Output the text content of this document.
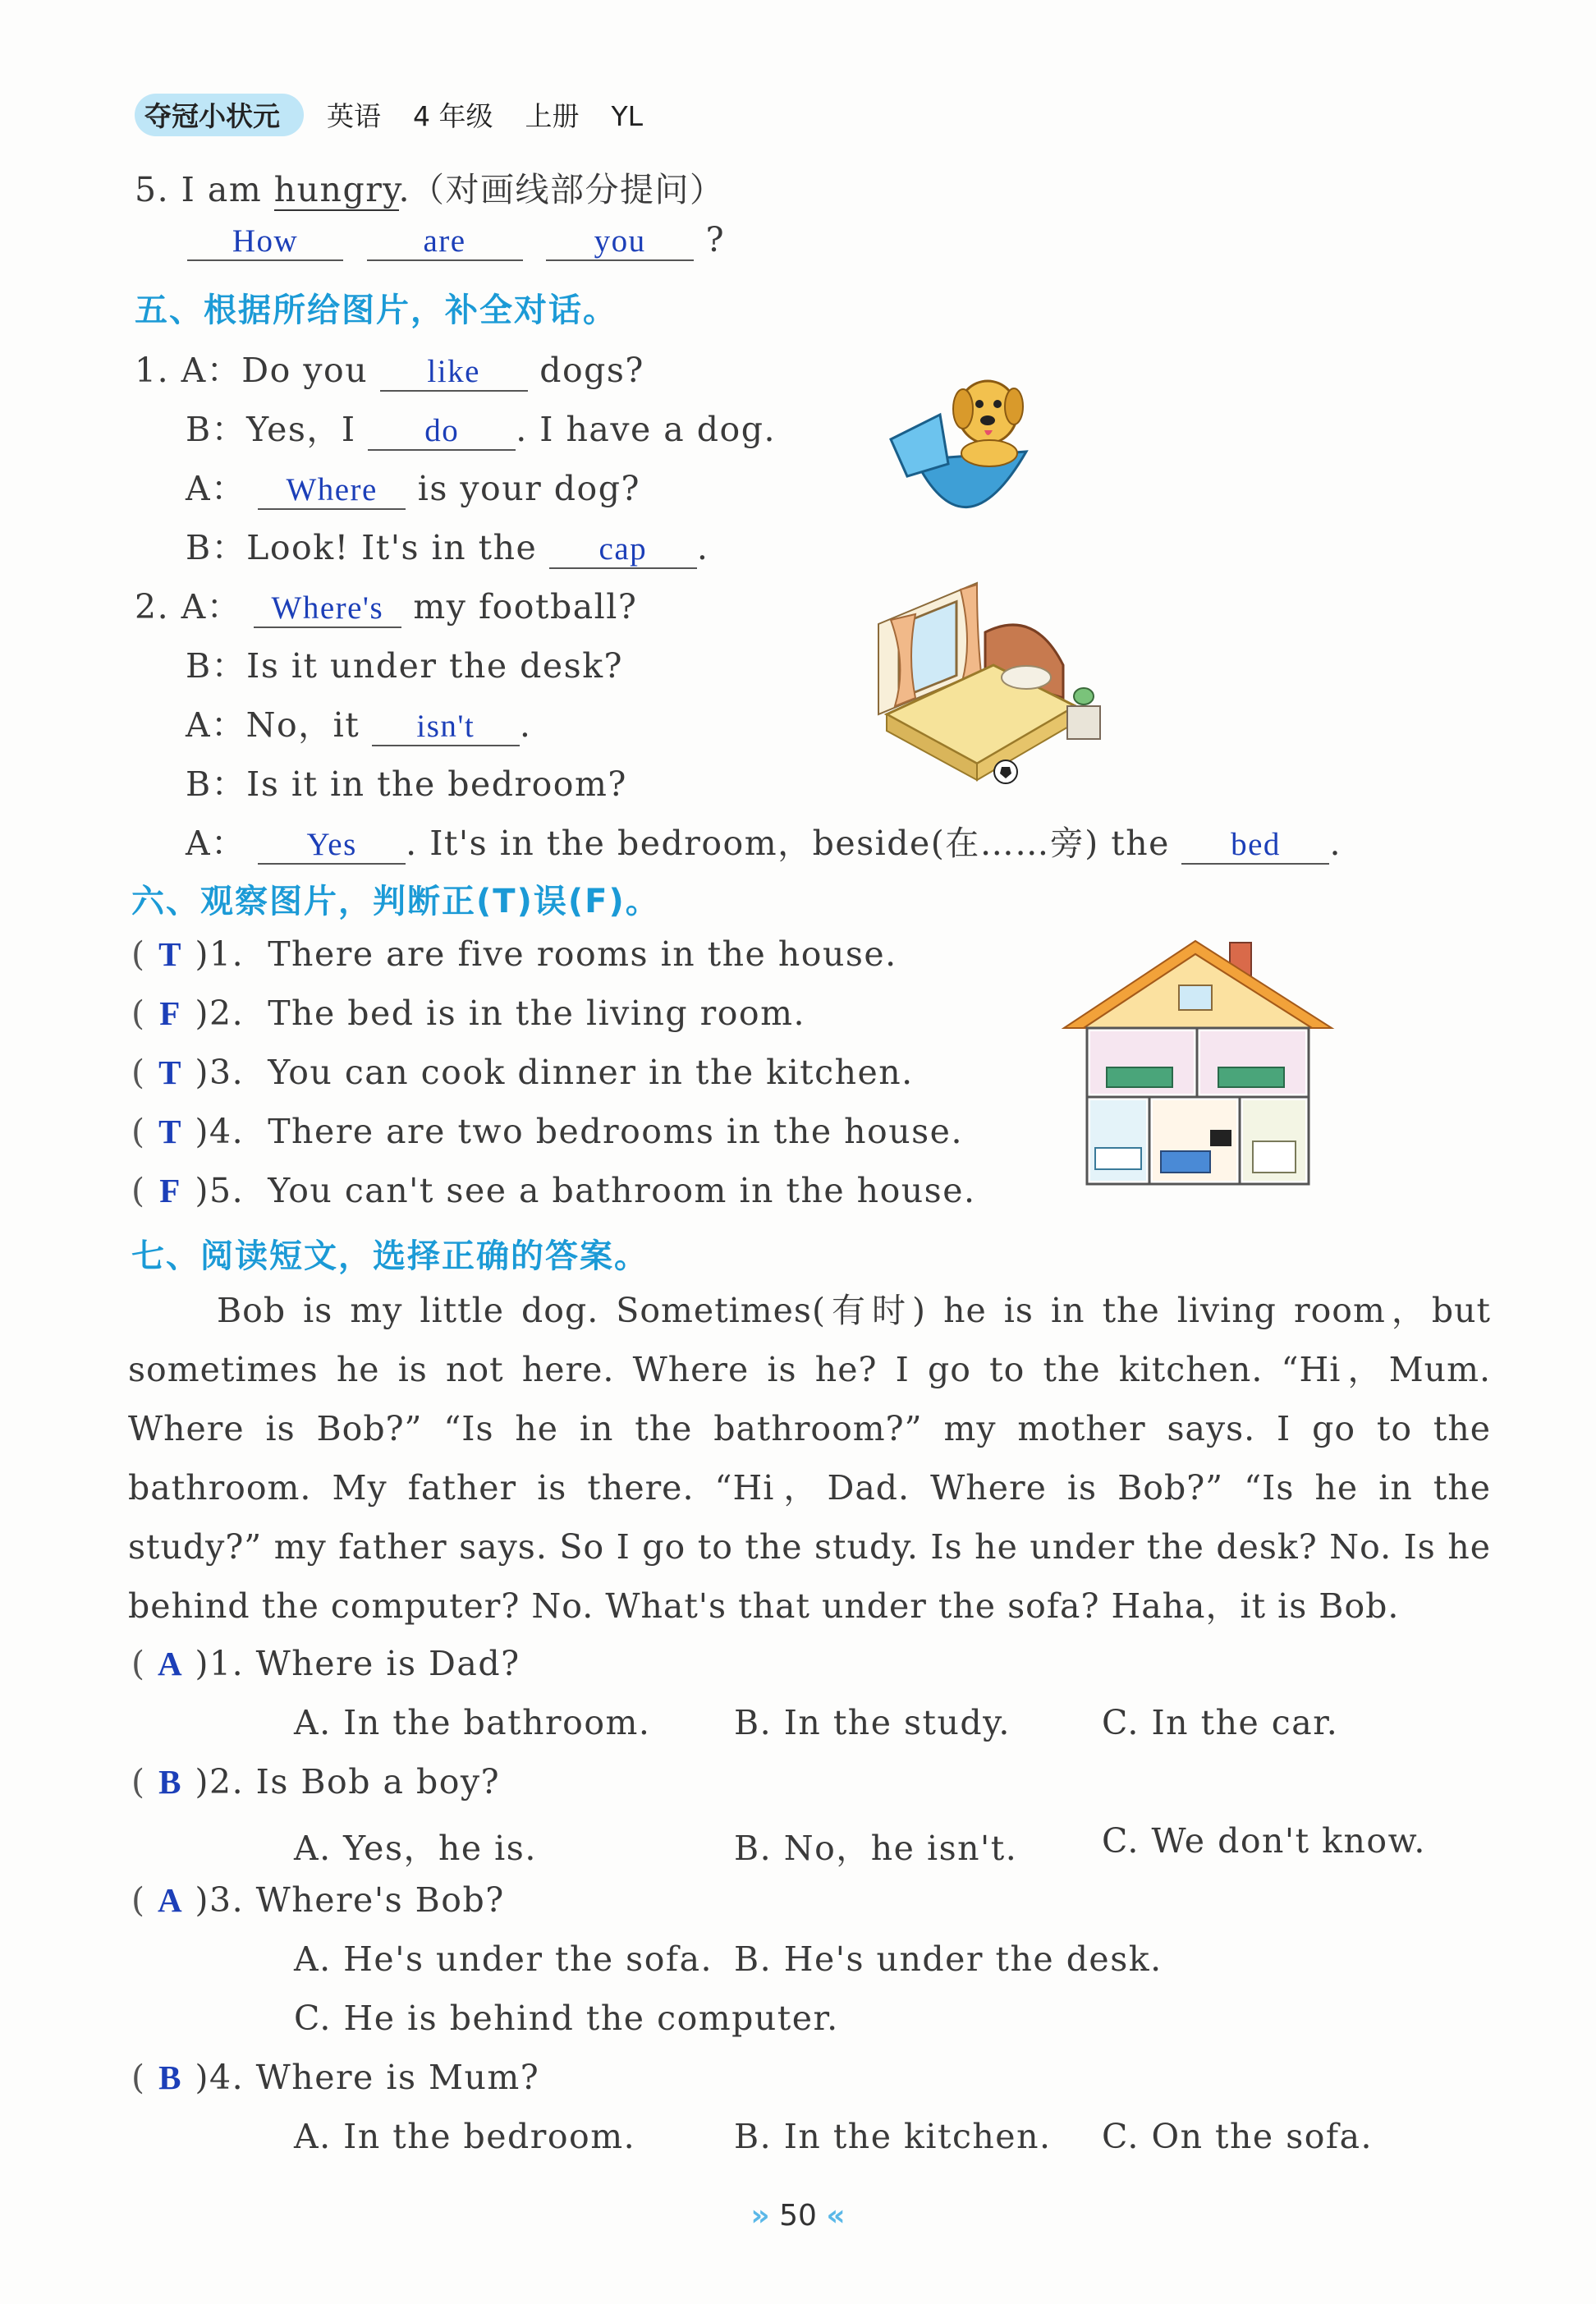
夺冠小状元 英语 4 年级 上册 YL
5. I am hungry.（对画线部分提问）
How	are	you ?
五、根据所给图片，补全对话。
1. A：Do you like dogs?
B：Yes，I do . I have a dog.
A： Where is your dog?
B：Look! It's in the cap .
2. A： Where's my football?
B：Is it under the desk?
A：No，it isn't .
B：Is it in the bedroom?
A： Yes . It's in the bedroom，beside(在……旁) the bed .
六、观察图片，判断正(T)误(F)。
( T )1. There are five rooms in the house.
( F )2. The bed is in the living room.
( T )3. You can cook dinner in the kitchen.
( T )4. There are two bedrooms in the house.
( F )5. You can't see a bathroom in the house.
七、阅读短文，选择正确的答案。
Bob is my little dog. Sometimes(有时) he is in the living room，but sometimes he is not here. Where is he? I go to the kitchen. “Hi，Mum. Where is Bob?” “Is he in the bathroom?” my mother says. I go to the bathroom. My father is there. “Hi，Dad. Where is Bob?” “Is he in the study?” my father says. So I go to the study. Is he under the desk? No. Is he behind the computer? No. What's that under the sofa? Haha，it is Bob.
( A )1. Where is Dad?
A. In the bathroom. B. In the study.	C. In the car.
( B )2. Is Bob a boy?
A. Yes，he is.	B. No，he isn't.	C. We don't know.
( A )3. Where's Bob?
A. He's under the sofa. B. He's under the desk.
C. He is behind the computer.
( B )4. Where is Mum?
A. In the bedroom.	B. In the kitchen. C. On the sofa.
» 50 «
